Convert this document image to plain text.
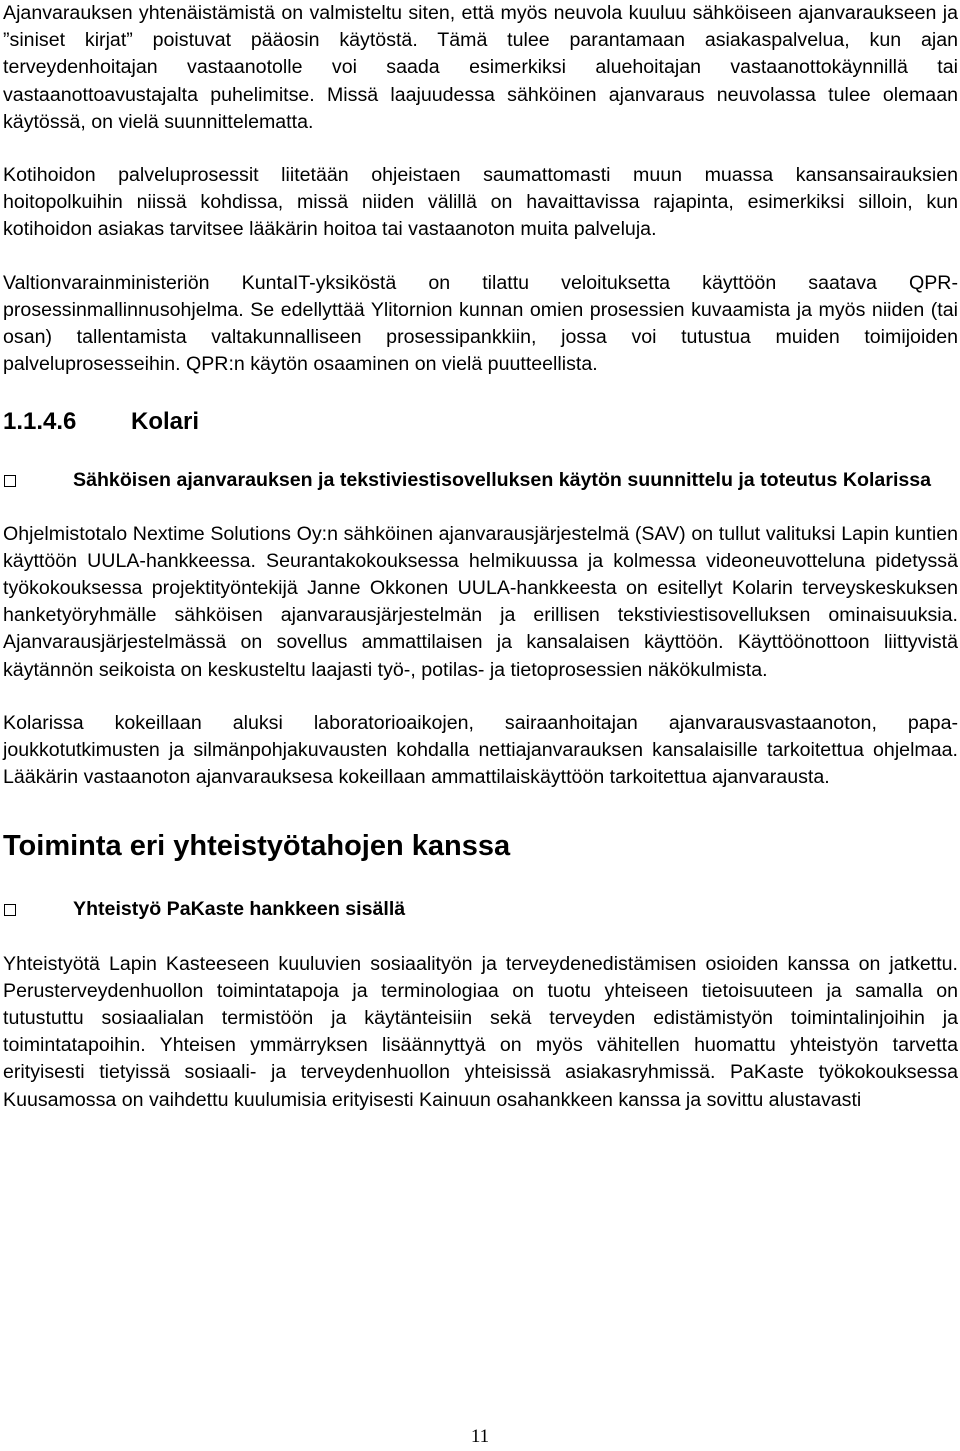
Ajanvarauksen yhtenäistämistä on valmisteltu siten, että myös neuvola kuuluu sähköiseen ajanvaraukseen ja ”siniset kirjat” poistuvat pääosin käytöstä. Tämä tulee parantamaan asiakaspalvelua, kun ajan terveydenhoitajan vastaanotolle voi saada esimerkiksi aluehoitajan vastaanottokäynnillä tai vastaanottoavustajalta puhelimitse. Missä laajuudessa sähköinen ajanvaraus neuvolassa tulee olemaan käytössä, on vielä suunnittelematta.

Kotihoidon palveluprosessit liitetään ohjeistaen saumattomasti muun muassa kansansairauksien hoitopolkuihin niissä kohdissa, missä niiden välillä on havaittavissa rajapinta, esimerkiksi silloin, kun kotihoidon asiakas tarvitsee lääkärin hoitoa tai vastaanoton muita palveluja.

Valtionvarainministeriön KuntaIT-yksiköstä on tilattu veloituksetta käyttöön saatava QPR-prosessinmallinnusohjelma. Se edellyttää Ylitornion kunnan omien prosessien kuvaamista ja myös niiden (tai osan) tallentamista valtakunnalliseen prosessipankkiin, jossa voi tutustua muiden toimijoiden palveluprosesseihin. QPR:n käytön osaaminen on vielä puutteellista.

1.1.4.6	Kolari
Sähköisen ajanvarauksen ja tekstiviestisovelluksen käytön suunnittelu ja toteutus Kolarissa

Ohjelmistotalo Nextime Solutions Oy:n sähköinen ajanvarausjärjestelmä (SAV) on tullut valituksi Lapin kuntien käyttöön UULA-hankkeessa. Seurantakokouksessa helmikuussa ja kolmessa videoneuvotteluna pidetyssä työkokouksessa projektityöntekijä Janne Okkonen UULA-hankkeesta on esitellyt Kolarin terveyskeskuksen hanketyöryhmälle sähköisen ajanvarausjärjestelmän ja erillisen tekstiviestisovelluksen ominaisuuksia. Ajanvarausjärjestelmässä on sovellus ammattilaisen ja kansalaisen käyttöön. Käyttöönottoon liittyvistä käytännön seikoista on keskusteltu laajasti työ-, potilas- ja tietoprosessien näkökulmista.

Kolarissa kokeillaan aluksi laboratorioaikojen, sairaanhoitajan ajanvarausvastaanoton, papa- joukkotutkimusten ja silmänpohjakuvausten kohdalla nettiajanvarauksen kansalaisille tarkoitettua ohjelmaa. Lääkärin vastaanoton ajanvarauksesa kokeillaan ammattilaiskäyttöön tarkoitettua ajanvarausta.

Toiminta eri yhteistyötahojen kanssa
Yhteistyö PaKaste hankkeen sisällä

Yhteistyötä Lapin Kasteeseen kuuluvien sosiaalityön ja terveydenedistämisen osioiden kanssa on jatkettu. Perusterveydenhuollon toimintatapoja ja terminologiaa on tuotu yhteiseen tietoisuuteen ja samalla on tutustuttu sosiaalialan termistöön ja käytänteisiin sekä terveyden edistämistyön toimintalinjoihin ja toimintatapoihin. Yhteisen ymmärryksen lisäännyttyä on myös vähitellen huomattu yhteistyön tarvetta erityisesti tietyissä sosiaali- ja terveydenhuollon yhteisissä asiakasryhmissä. PaKaste työkokouksessa Kuusamossa on vaihdettu kuulumisia erityisesti Kainuun osahankkeen kanssa ja sovittu alustavasti

11
